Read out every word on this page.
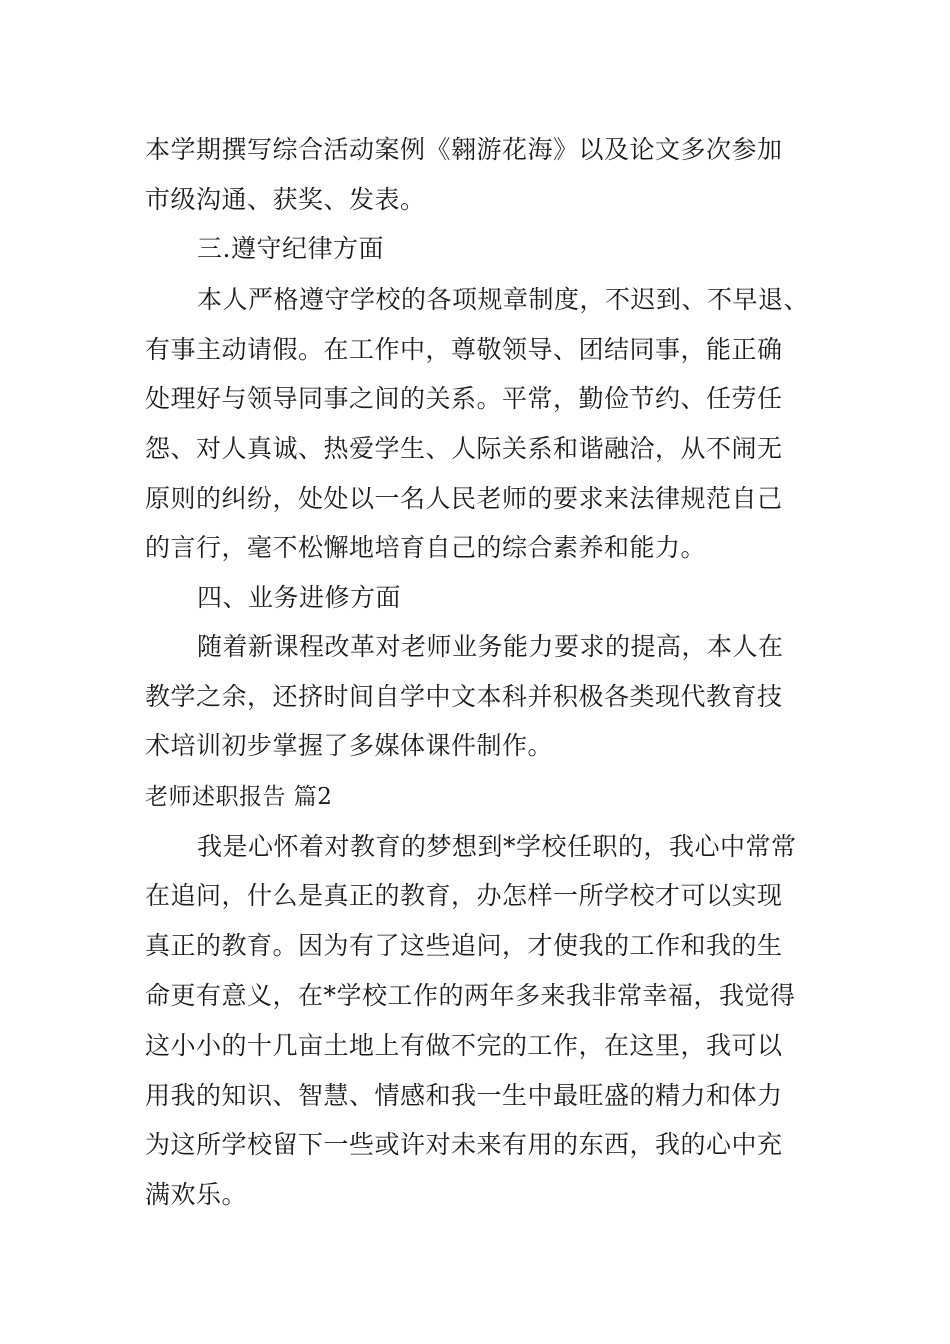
本学期撰写综合活动案例《翱游花海》以及论文多次参加
市级沟通、获奖、发表。
三.遵守纪律方面
本人严格遵守学校的各项规章制度，不迟到、不早退、
有事主动请假。在工作中，尊敬领导、团结同事，能正确
处理好与领导同事之间的关系。平常，勤俭节约、任劳任
怨、对人真诚、热爱学生、人际关系和谐融洽，从不闹无
原则的纠纷，处处以一名人民老师的要求来法律规范自己
的言行，毫不松懈地培育自己的综合素养和能力。
四、业务进修方面
随着新课程改革对老师业务能力要求的提高，本人在
教学之余，还挤时间自学中文本科并积极各类现代教育技
术培训初步掌握了多媒体课件制作。
老师述职报告 篇2
我是心怀着对教育的梦想到*学校任职的，我心中常常
在追问，什么是真正的教育，办怎样一所学校才可以实现
真正的教育。因为有了这些追问，才使我的工作和我的生
命更有意义，在*学校工作的两年多来我非常幸福，我觉得
这小小的十几亩土地上有做不完的工作，在这里，我可以
用我的知识、智慧、情感和我一生中最旺盛的精力和体力
为这所学校留下一些或许对未来有用的东西，我的心中充
满欢乐。
